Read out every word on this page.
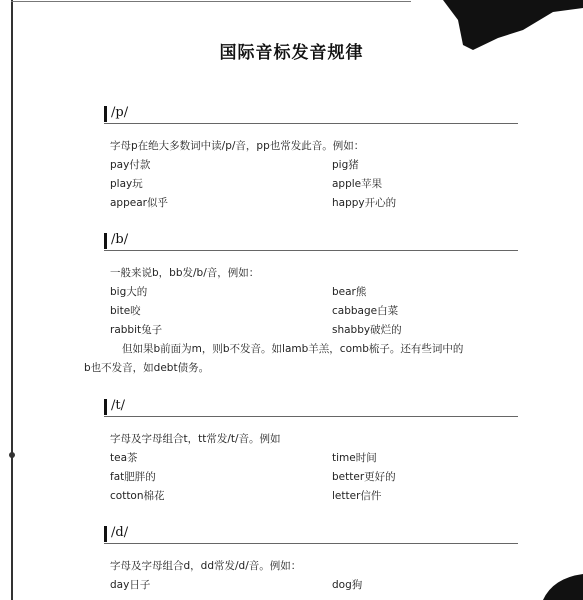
国际音标发音规律
/p/
字母p在绝大多数词中读/p/音，pp也常发此音。例如：
pay付款	pig猪
play玩	apple苹果
appear似乎	happy开心的
/b/
一般来说b，bb发/b/音，例如：
big大的	bear熊
bite咬	cabbage白菜
rabbit兔子	shabby破烂的
但如果b前面为m，则b不发音。如lamb羊羔，comb梳子。还有些词中的
b也不发音，如debt债务。
/t/
字母及字母组合t，tt常发/t/音。例如
tea茶	time时间
fat肥胖的	better更好的
cotton棉花	letter信件
/d/
字母及字母组合d，dd常发/d/音。例如：
day日子	dog狗
